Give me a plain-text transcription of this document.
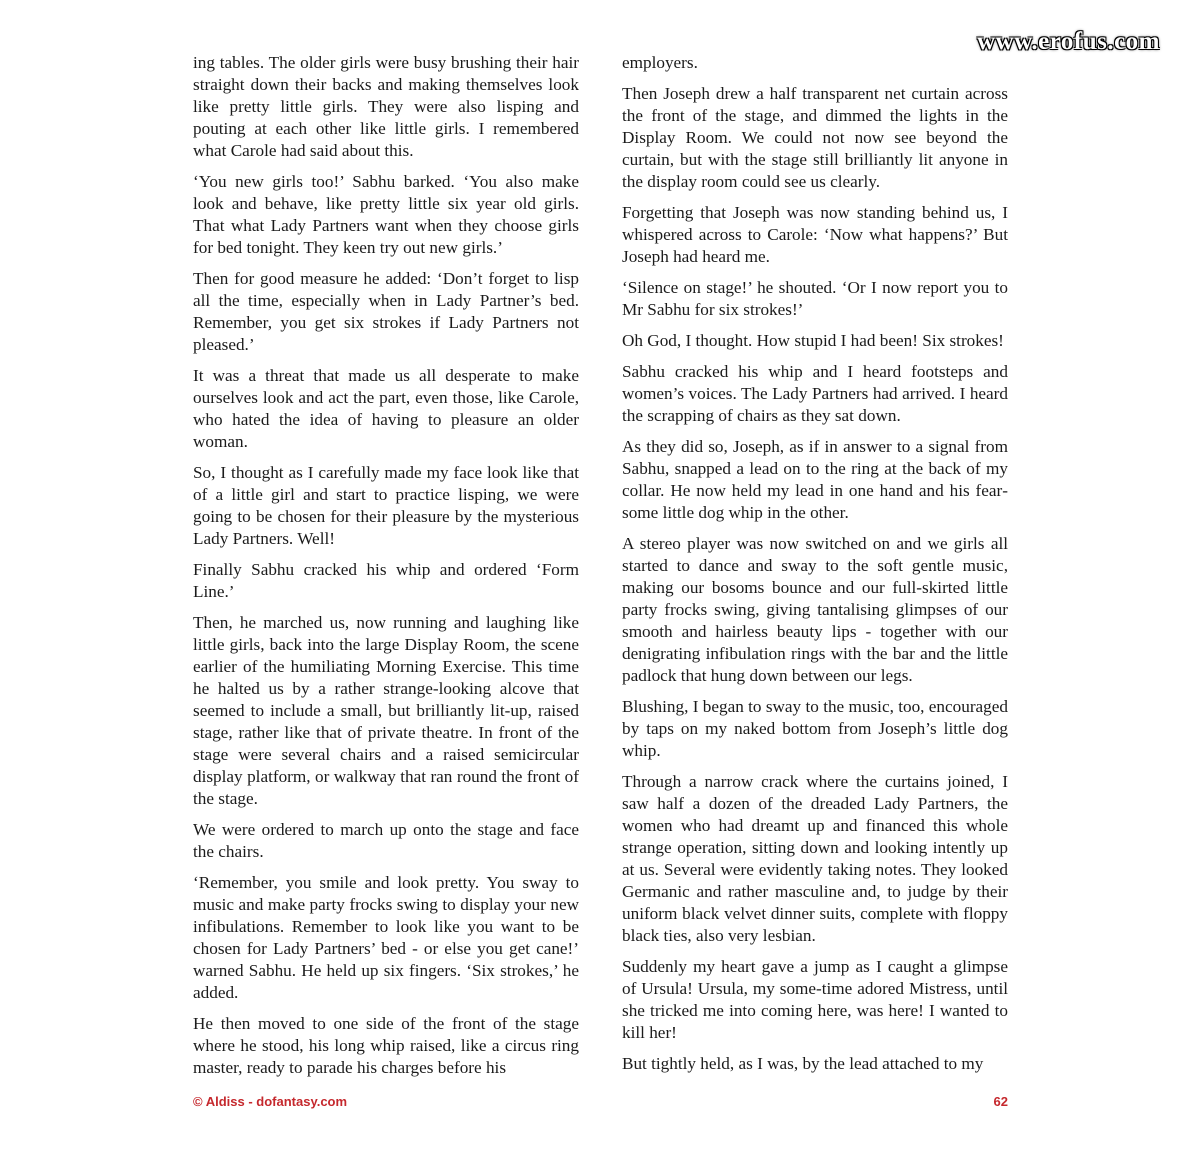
www.erofus.com

ing tables. The older girls were busy brushing their hair straight down their backs and making themselves look like pretty little girls. They were also lisping and pouting at each other like little girls. I remembered what Carole had said about this.

‘You new girls too!’ Sabhu barked. ‘You also make look and behave, like pretty little six year old girls. That what Lady Partners want when they choose girls for bed tonight. They keen try out new girls.’

Then for good measure he added: ‘Don’t forget to lisp all the time, especially when in Lady Partner’s bed. Remember, you get six strokes if Lady Partners not pleased.’

It was a threat that made us all desperate to make ourselves look and act the part, even those, like Carole, who hated the idea of having to pleasure an older woman.

So, I thought as I carefully made my face look like that of a little girl and start to practice lisping, we were going to be chosen for their pleasure by the mysterious Lady Partners. Well!

Finally Sabhu cracked his whip and ordered ‘Form Line.’

Then, he marched us, now running and laughing like little girls, back into the large Display Room, the scene earlier of the humiliating Morning Exercise. This time he halted us by a rather strange-looking alcove that seemed to include a small, but brilliantly lit-up, raised stage, rather like that of private theatre. In front of the stage were several chairs and a raised semicircular display platform, or walkway that ran round the front of the stage.

We were ordered to march up onto the stage and face the chairs.

‘Remember, you smile and look pretty. You sway to music and make party frocks swing to display your new infibulations. Remember to look like you want to be chosen for Lady Partners’ bed - or else you get cane!’ warned Sabhu. He held up six fingers. ‘Six strokes,’ he added.

He then moved to one side of the front of the stage where he stood, his long whip raised, like a circus ring master, ready to parade his charges before his

employers.

Then Joseph drew a half transparent net curtain across the front of the stage, and dimmed the lights in the Display Room. We could not now see beyond the curtain, but with the stage still brilliantly lit anyone in the display room could see us clearly.

Forgetting that Joseph was now standing behind us, I whispered across to Carole: ‘Now what happens?’ But Joseph had heard me.

‘Silence on stage!’ he shouted. ‘Or I now report you to Mr Sabhu for six strokes!’

Oh God, I thought. How stupid I had been! Six strokes!

Sabhu cracked his whip and I heard footsteps and women’s voices. The Lady Partners had arrived. I heard the scrapping of chairs as they sat down.

As they did so, Joseph, as if in answer to a signal from Sabhu, snapped a lead on to the ring at the back of my collar. He now held my lead in one hand and his fearsome little dog whip in the other.

A stereo player was now switched on and we girls all started to dance and sway to the soft gentle music, making our bosoms bounce and our full-skirted little party frocks swing, giving tantalising glimpses of our smooth and hairless beauty lips - together with our denigrating infibulation rings with the bar and the little padlock that hung down between our legs.

Blushing, I began to sway to the music, too, encouraged by taps on my naked bottom from Joseph’s little dog whip.

Through a narrow crack where the curtains joined, I saw half a dozen of the dreaded Lady Partners, the women who had dreamt up and financed this whole strange operation, sitting down and looking intently up at us. Several were evidently taking notes. They looked Germanic and rather masculine and, to judge by their uniform black velvet dinner suits, complete with floppy black ties, also very lesbian.

Suddenly my heart gave a jump as I caught a glimpse of Ursula! Ursula, my some-time adored Mistress, until she tricked me into coming here, was here! I wanted to kill her!

But tightly held, as I was, by the lead attached to my

© Aldiss - dofantasy.com	62
